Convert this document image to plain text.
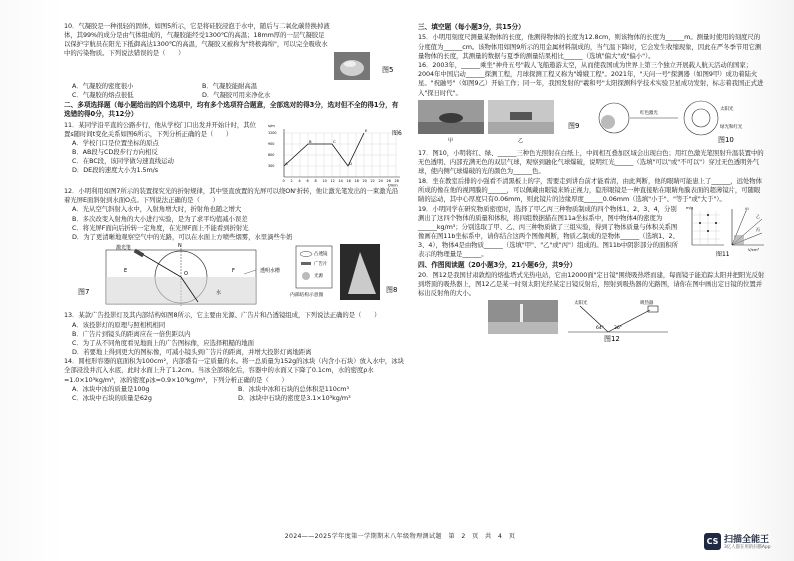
图5

10．气凝胶是一种很轻的固体，如图5所示，它是将硅胶浸泡于水中，随后与二氧化碳替换掉液体，其99%的成分是由气体组成的，气凝胶能经受1300℃的高温；18mm厚的一层气凝胶足以保护宇航员在阳光下抵御高达1300℃的高温，气凝胶又被称为"终极海绵"，可以完全吸收水中的污染物质。下列说法错误的是（　　）

A．气凝胶的密度很小	B．气凝胶能耐高温
C．气凝胶的熔点很低	D．气凝胶可用来净化水

二、多项选择题（每小题给出的四个选项中，均有多个选项符合题意，全部选对的得3分，选对但不全的得1分，有选错的得0分，共12分）

0 2 4 6 8 10 12 14 16 18 20 22 24 26 28
1200
900
600
300
s/m
t/min
A
B	C
D
E	图6

11．某同学沿平直的公路步行，他从学校门口出发并开始计时，其位置s随时间t变化关系如图6所示，下列分析正确的是（　　）

A．学校门口是位置坐标的原点

B．AB段与CD段步行方向相反

C．在BC段，该同学做匀速直线运动

D．DE段的速度大小为1.5m/s

12．小明利用如图7所示的装置探究光的折射规律，其中竖直放置的光屏可以绕ON'折转，他让激光笔发出的一束激光沿着光屏E面斜射到水面O点。下列说法正确的是（　　）

A．光从空气斜射入水中，入射角增大时，折射角也随之增大

B．多次改变入射角的大小进行实验，是为了求平均值减小误差

C．将光屏F面向后折转一定角度，在光屏F面上不能看到折射光

D．为了更清晰地观察空气中的光路，可以在水面上方喷些烟雾，水里滴些牛奶

图7
激光笔	N
O
E	F
水
透明水槽
凸透镜
广告片
光源
内部结构示意图
图8

13．某款广告投影灯及其内部结构如图8所示，它主要由光源、广告片和凸透镜组成，下列说法正确的是（　　）

A．该投影灯的原理与照相机相同

B．广告片到镜头的距离应在一倍焦距以内

C．为了从不同角度看见地面上的广告图标像，应选择粗糙的地面

D．若要地上得到更大的图标像，可减小镜头到广告片的距离，并增大投影灯离地距离

14．圆柱形容器的底面积为100cm²，内部盛有一定质量的水。将一总质量为152g的冰块（内含小石块）放入水中，冰块全部浸没并沉入水底，此时水面上升了1.2cm。当冰全部熔化后，容器中的水面又下降了0.1cm，水的密度ρ水=1.0×10³kg/m³，冰的密度ρ冰=0.9×10³kg/m³，下列分析正确的是（　　）

A．冰块中冰的质量是100g	B．冰块中冰和石块的总体积是110cm³
C．冰块中石块的质量是62g	D．冰块中石块的密度是3.1×10³kg/m³

三、填空题（每小题3分，共15分）

15．小明用刻度尺测量某物体的长度，他测得物体的长度为12.8cm，则该物体的长度为______m。测量时使用的刻度尺的分度值为______cm。该物体用如图9所示的用金属材料制成的，当气温下降时，它会发生收缩现象，因此在严冬季节用它测量物体的长度，其测量的数据与夏季的测量结果相比______（选填"偏大"或"偏小"）。

16．2003年，______乘坐"神舟五号"载人飞船遨游太空，从而使我国成为世界上第三个独立开展载人航天活动的国家；2004年中国启动______探测工程，月球探测工程又称为"嫦娥工程"。2021年，"天问一号"探测器（如图9甲）成功着陆火星。"祝融号"（如图9乙）开始工作；同一年，我国发射的"羲和号"太阳探测科学技术实验卫星成功发射，标志着我国正式进入"探日时代"。

甲	乙
图9
红色激光
太阳光
绿光和红光
图10

17．图10，小明将红、绿、______三种色光照射在白纸上，中间相互叠加区域会出现白色；用红色激光笔照射升温装置中的无色透明、内部充满无色的双层气球，观察到融化气球爆破，说明红光______（选填"可以"或"不可以"）穿过无色透明外气球，使内侧气球爆破的光的颜色为______色。

18．坐在教室后排的小强看不清黑板上的字，需要走到讲台前才能看清，由此判断，他的眼睛可能患上了______，远处物体所成的像在他的视网膜的______，可以佩戴由眼镜来矫正视力，隐形眼镜是一种直接贴在眼睛角膜表面的超薄镜片，可随眼睛的运动，其中心厚度只有0.06mm，则此镜片的边缘厚度______0.06mm（选填"小于"、"等于"或"大于"）。

m/g	甲
乙
丙
V/cm³
图11

19．小明同学在研究物质密度时，选择了甲乙丙三种物质制成的四个物体1、2、3、4，分别测出了这四个物体的质量和体积，将四组数据描在图11a坐标系中，图中物体4的密度为______kg/m³；分别选取了甲、乙、丙三种物质做了三组实验，得到了物体质量与体积关系图像画在图11b坐标系中，请你结合这两个图像判断，物质乙制成的是物体______（选填1、2、3、4），物体4是由物质______（选填"甲"、"乙"或"丙"）组成的。图11b中阴影部分的面积所表示的物理量是______。

四、作图阅读题（20小题3分，21小题6分，共9分）

20．图12是我国甘肃敦煌的熔盐塔式光热电站，它由12000面"定日镜"围绕吸热塔而建，每面镜子能追踪太阳并把阳光反射到塔顶的吸热器上，图12乙是某一时刻太阳光经某定日镜反射后，照射到吸热器的光路图，请你在图中画出定日镜的位置并标出反射角的大小。

太阳光	吸热器
64° 36°
图12
2024——2025学年度第一学期期末八年级物理测试题　第　2　页　共　4　页
CS 扫描全能王
3亿人都在用的扫描App
